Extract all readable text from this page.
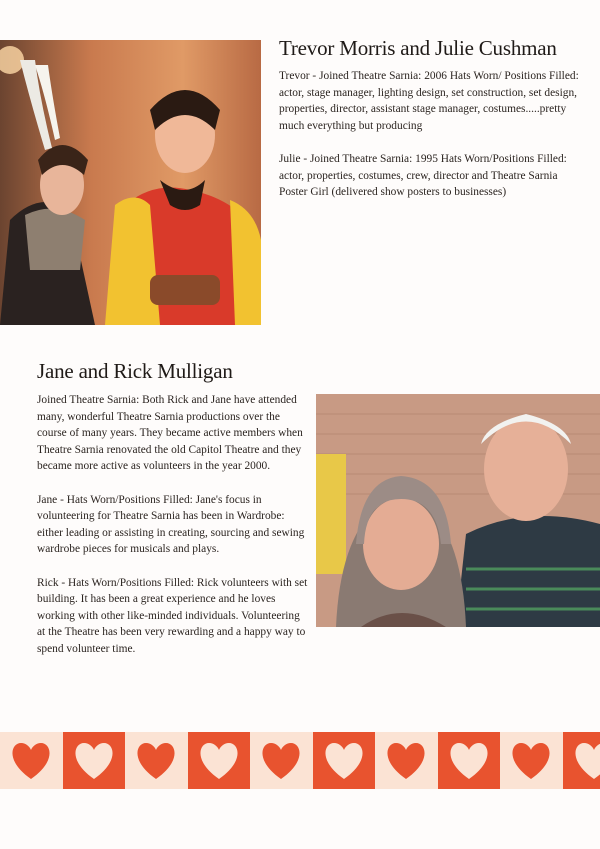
Trevor Morris and Julie Cushman

Trevor - Joined Theatre Sarnia: 2006 Hats Worn/ Positions Filled: actor, stage manager, lighting design, set construction, set design, properties, director, assistant stage manager, costumes.....pretty much everything but producing

Julie - Joined Theatre Sarnia: 1995 Hats Worn/Positions Filled: actor, properties, costumes, crew, director and Theatre Sarnia Poster Girl (delivered show posters to businesses)

Jane and Rick Mulligan

Joined Theatre Sarnia: Both Rick and Jane have attended many, wonderful Theatre Sarnia productions over the course of many years. They became active members when Theatre Sarnia renovated the old Capitol Theatre and they became more active as volunteers in the year 2000.

Jane - Hats Worn/Positions Filled: Jane's focus in volunteering for Theatre Sarnia has been in Wardrobe: either leading or assisting in creating, sourcing and sewing wardrobe pieces for musicals and plays.

Rick - Hats Worn/Positions Filled: Rick volunteers with set building. It has been a great experience and he loves working with other like-minded individuals. Volunteering at the Theatre has been very rewarding and a happy way to spend volunteer time.
